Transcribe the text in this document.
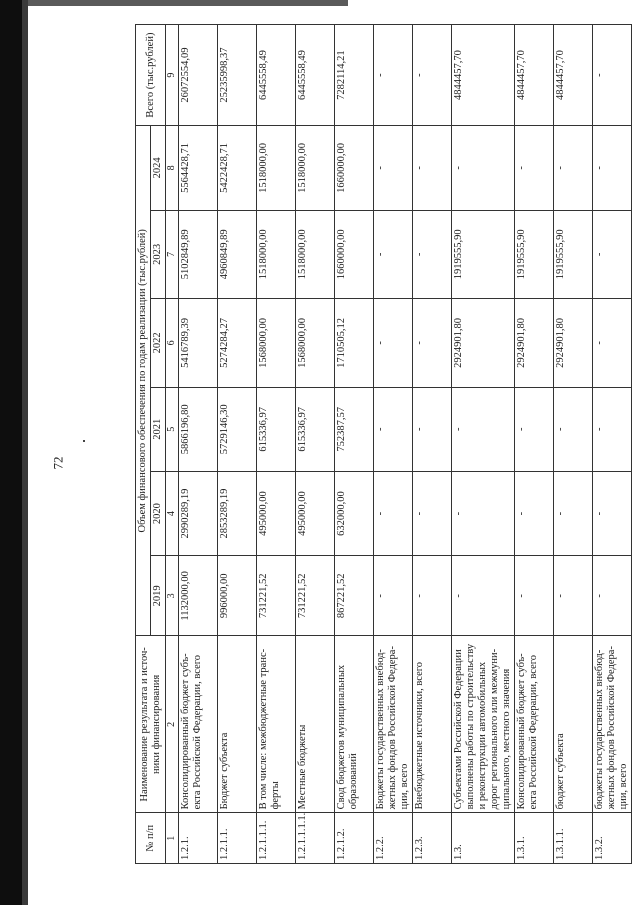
72
№ п/п	Наименование результата и источ- ники финансирования	Объем финансового обеспечения по годам реализации (тыс.рублей)						Всего (тыс.рублей)
		2019	2020	2021	2022	2023	2024	
1	2	3	4	5	6	7	8	9
1.2.1.	Консолидированный бюджет субъ- екта Российской Федерации, всего	1132000,00	2990289,19	5866196,80	5416789,39	5102849,89	5564428,71	26072554,09
1.2.1.1.	Бюджет субъекта	996000,00	2853289,19	5729146,30	5274284,27	4960849,89	5422428,71	25235998,37
1.2.1.1.1.	В том числе: межбюджетные транс- ферты	731221,52	495000,00	615336,97	1568000,00	1518000,00	1518000,00	6445558,49
1.2.1.1.1.1.	Местные бюджеты	731221,52	495000,00	615336,97	1568000,00	1518000,00	1518000,00	6445558,49
1.2.1.2.	Свод бюджетов муниципальных образований	867221,52	632000,00	752387,57	1710505,12	1660000,00	1660000,00	7282114,21
1.2.2.	Бюджеты государственных внебюд- жетных фондов Российской Федера- ции, всего	-	-	-	-	-	-	-
1.2.3.	Внебюджетные источники, всего	-	-	-	-	-	-	-
1.3.	Субъектами Российской Федерации выполнены работы по строительству и реконструкции автомобильных дорог регионального или межмуни- ципального, местного значения	-	-	-	2924901,80	1919555,90	-	4844457,70
1.3.1.	Консолидированный бюджет субъ- екта Российской Федерации, всего	-	-	-	2924901,80	1919555,90	-	4844457,70
1.3.1.1.	бюджет субъекта	-	-	-	2924901,80	1919555,90	-	4844457,70
1.3.2.	бюджеты государственных внебюд- жетных фондов Российской Федера- ции, всего	-	-	-	-	-	-	-
